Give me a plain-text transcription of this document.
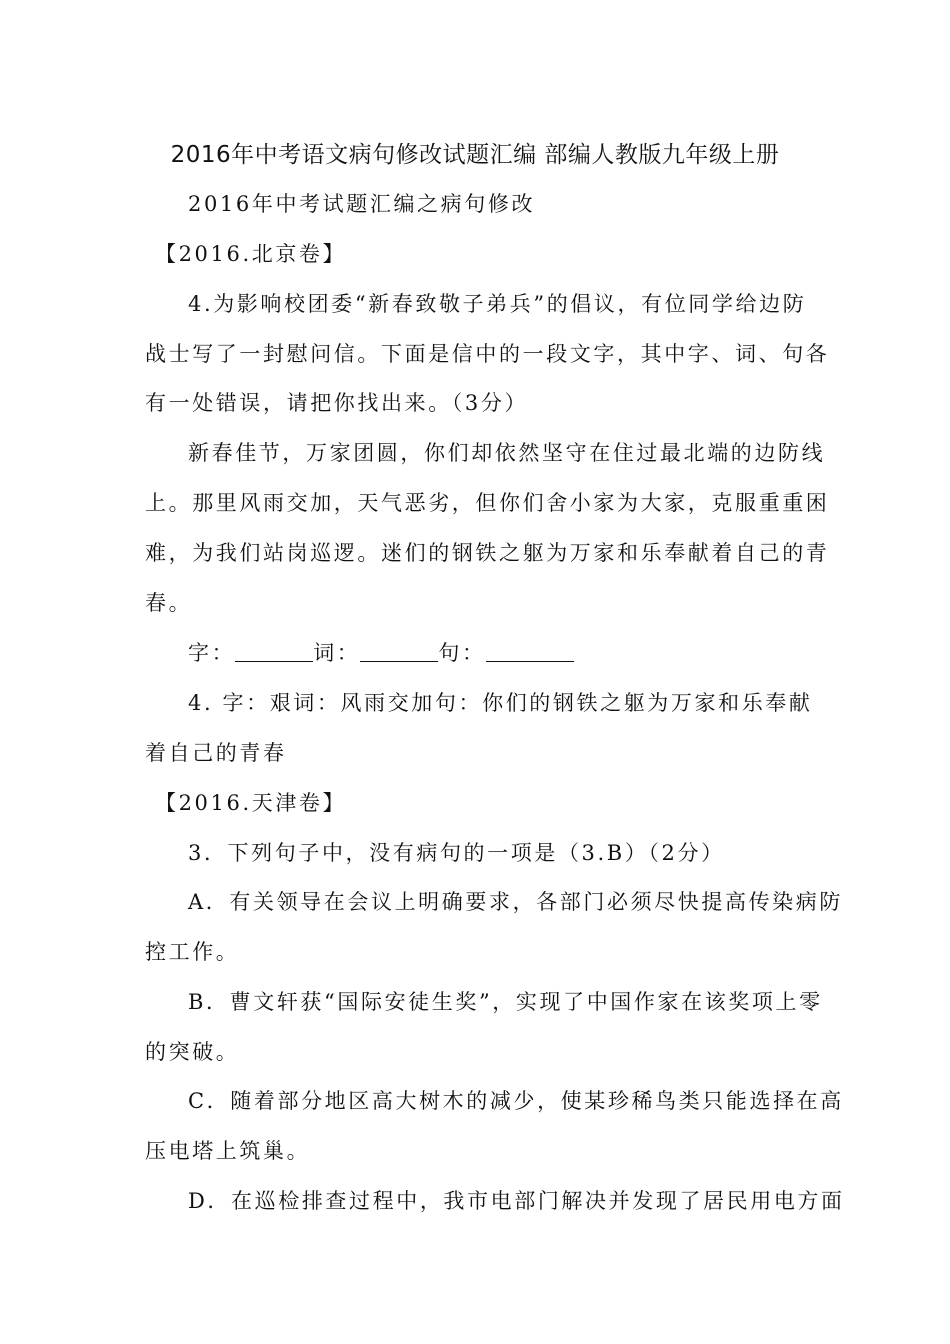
2016年中考语文病句修改试题汇编 部编人教版九年级上册
2016年中考试题汇编之病句修改
【2016.北京卷】
4.为影响校团委“新春致敬子弟兵”的倡议，有位同学给边防
战士写了一封慰问信。下面是信中的一段文字，其中字、词、句各
有一处错误，请把你找出来。（3分）
新春佳节，万家团圆，你们却依然坚守在住过最北端的边防线
上。那里风雨交加，天气恶劣，但你们舍小家为大家，克服重重困
难，为我们站岗巡逻。迷们的钢铁之躯为万家和乐奉献着自己的青
春。
字：	词：	句：
4. 字：艰词：风雨交加句：你们的钢铁之躯为万家和乐奉献
着自己的青春
【2016.天津卷】
3．下列句子中，没有病句的一项是（3.B）（2分）
A．有关领导在会议上明确要求，各部门必须尽快提高传染病防
控工作。
B．曹文轩获“国际安徒生奖”，实现了中国作家在该奖项上零
的突破。
C．随着部分地区高大树木的减少，使某珍稀鸟类只能选择在高
压电塔上筑巢。
D．在巡检排查过程中，我市电部门解决并发现了居民用电方面
